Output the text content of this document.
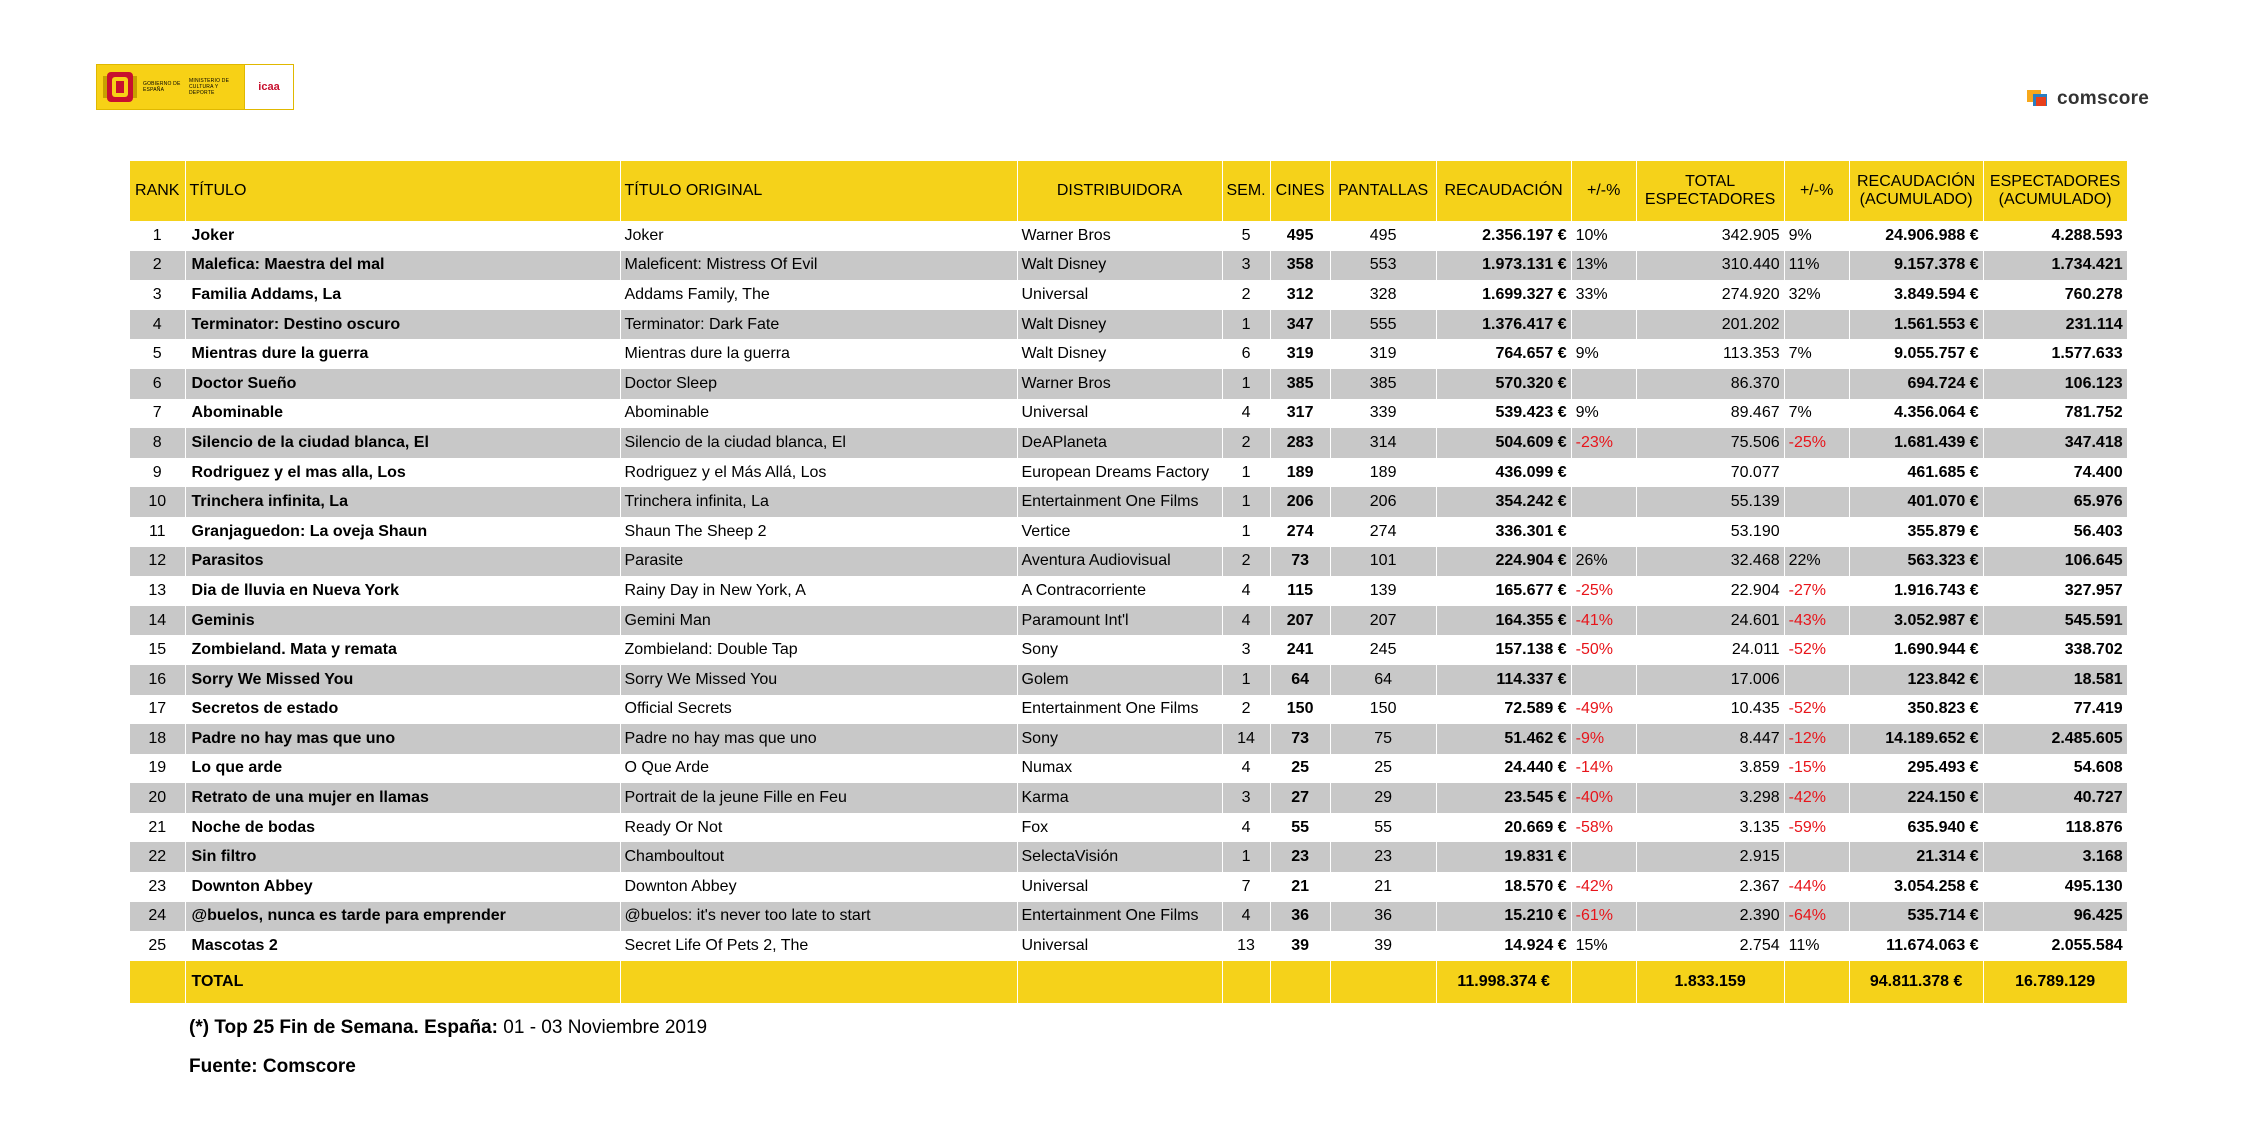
GOBIERNO DE ESPAÑA
MINISTERIO DE CULTURA Y DEPORTE	icaa
comscore
RANK	TÍTULO	TÍTULO ORIGINAL	DISTRIBUIDORA	SEM.	CINES	PANTALLAS	RECAUDACIÓN	+/-%	TOTAL ESPECTADORES	+/-%	RECAUDACIÓN (ACUMULADO)	ESPECTADORES (ACUMULADO)
1	Joker	Joker	Warner Bros	5	495	495	2.356.197 €	10%	342.905	9%	24.906.988 €	4.288.593
2	Malefica: Maestra del mal	Maleficent: Mistress Of Evil	Walt Disney	3	358	553	1.973.131 €	13%	310.440	11%	9.157.378 €	1.734.421
3	Familia Addams, La	Addams Family, The	Universal	2	312	328	1.699.327 €	33%	274.920	32%	3.849.594 €	760.278
4	Terminator: Destino oscuro	Terminator: Dark Fate	Walt Disney	1	347	555	1.376.417 €		201.202		1.561.553 €	231.114
5	Mientras dure la guerra	Mientras dure la guerra	Walt Disney	6	319	319	764.657 €	9%	113.353	7%	9.055.757 €	1.577.633
6	Doctor Sueño	Doctor Sleep	Warner Bros	1	385	385	570.320 €		86.370		694.724 €	106.123
7	Abominable	Abominable	Universal	4	317	339	539.423 €	9%	89.467	7%	4.356.064 €	781.752
8	Silencio de la ciudad blanca, El	Silencio de la ciudad blanca, El	DeAPlaneta	2	283	314	504.609 €	-23%	75.506	-25%	1.681.439 €	347.418
9	Rodriguez y el mas alla, Los	Rodriguez y el Más Allá, Los	European Dreams Factory	1	189	189	436.099 €		70.077		461.685 €	74.400
10	Trinchera infinita, La	Trinchera infinita, La	Entertainment One Films	1	206	206	354.242 €		55.139		401.070 €	65.976
11	Granjaguedon: La oveja Shaun	Shaun The Sheep 2	Vertice	1	274	274	336.301 €		53.190		355.879 €	56.403
12	Parasitos	Parasite	Aventura Audiovisual	2	73	101	224.904 €	26%	32.468	22%	563.323 €	106.645
13	Dia de lluvia en Nueva York	Rainy Day in New York, A	A Contracorriente	4	115	139	165.677 €	-25%	22.904	-27%	1.916.743 €	327.957
14	Geminis	Gemini Man	Paramount Int'l	4	207	207	164.355 €	-41%	24.601	-43%	3.052.987 €	545.591
15	Zombieland. Mata y remata	Zombieland: Double Tap	Sony	3	241	245	157.138 €	-50%	24.011	-52%	1.690.944 €	338.702
16	Sorry We Missed You	Sorry We Missed You	Golem	1	64	64	114.337 €		17.006		123.842 €	18.581
17	Secretos de estado	Official Secrets	Entertainment One Films	2	150	150	72.589 €	-49%	10.435	-52%	350.823 €	77.419
18	Padre no hay mas que uno	Padre no hay mas que uno	Sony	14	73	75	51.462 €	-9%	8.447	-12%	14.189.652 €	2.485.605
19	Lo que arde	O Que Arde	Numax	4	25	25	24.440 €	-14%	3.859	-15%	295.493 €	54.608
20	Retrato de una mujer en llamas	Portrait de la jeune Fille en Feu	Karma	3	27	29	23.545 €	-40%	3.298	-42%	224.150 €	40.727
21	Noche de bodas	Ready Or Not	Fox	4	55	55	20.669 €	-58%	3.135	-59%	635.940 €	118.876
22	Sin filtro	Chamboultout	SelectaVisión	1	23	23	19.831 €		2.915		21.314 €	3.168
23	Downton Abbey	Downton Abbey	Universal	7	21	21	18.570 €	-42%	2.367	-44%	3.054.258 €	495.130
24	@buelos, nunca es tarde para emprender	@buelos: it's never too late to start	Entertainment One Films	4	36	36	15.210 €	-61%	2.390	-64%	535.714 €	96.425
25	Mascotas 2	Secret Life Of Pets 2, The	Universal	13	39	39	14.924 €	15%	2.754	11%	11.674.063 €	2.055.584
	TOTAL						11.998.374 €		1.833.159		94.811.378 €	16.789.129
(*) Top 25 Fin de Semana. España: 01 - 03 Noviembre 2019
Fuente: Comscore
